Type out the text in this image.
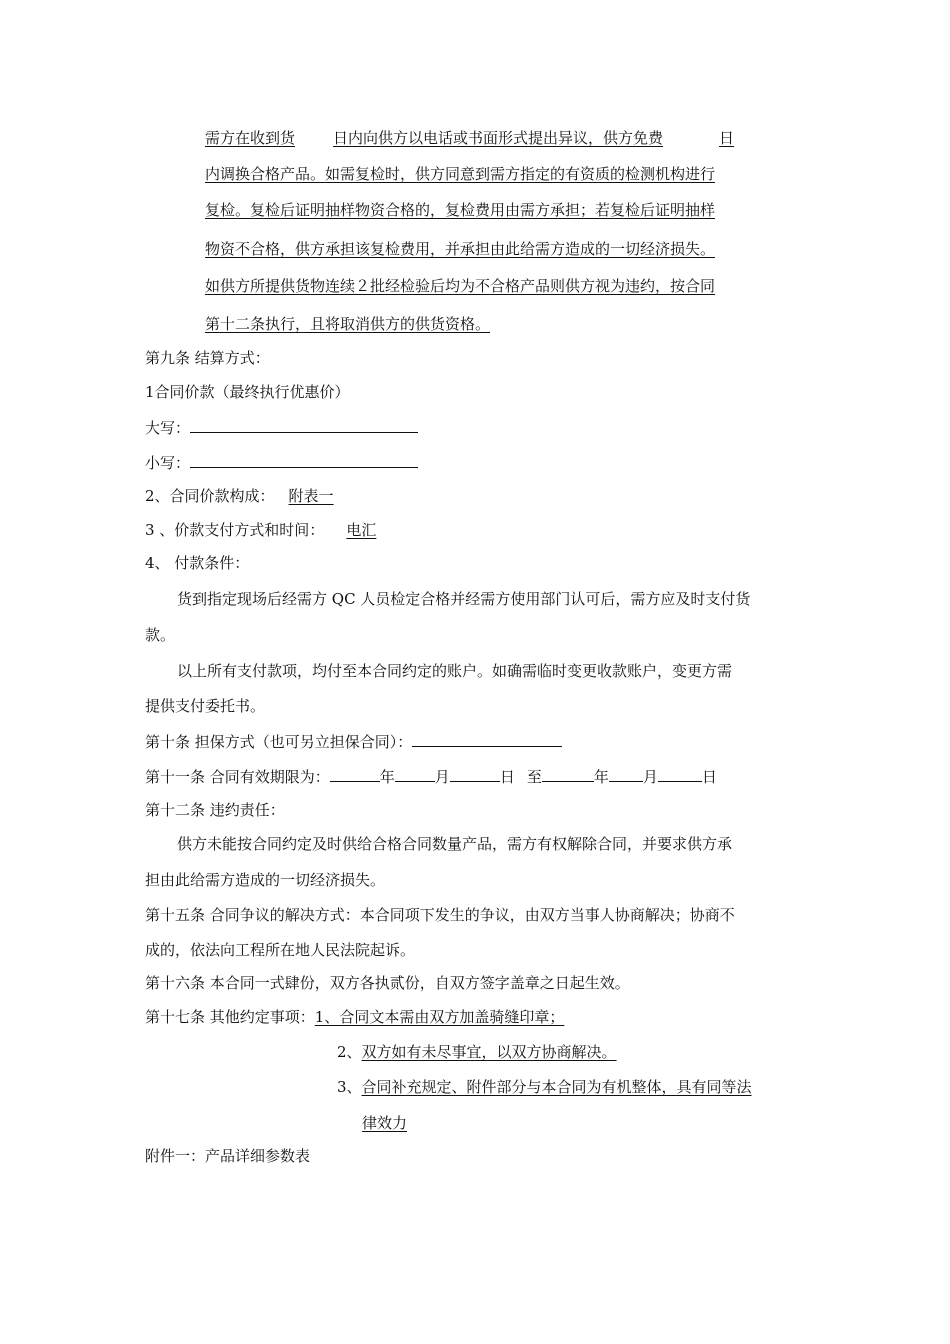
需方在收到货	日内向供方以电话或书面形式提出异议，供方免费	日
内调换合格产品。如需复检时，供方同意到需方指定的有资质的检测机构进行
复检。复检后证明抽样物资合格的，复检费用由需方承担；若复检后证明抽样
物资不合格，供方承担该复检费用，并承担由此给需方造成的一切经济损失。
如供方所提供货物连续２批经检验后均为不合格产品则供方视为违约，按合同
第十二条执行，且将取消供方的供货资格。
第九条 结算方式：
1合同价款（最终执行优惠价）
大写：
小写：
2、合同价款构成： 附表一
3 、价款支付方式和时间： 电汇
4、 付款条件：
货到指定现场后经需方 QC 人员检定合格并经需方使用部门认可后，需方应及时支付货
款。
以上所有支付款项，均付至本合同约定的账户。如确需临时变更收款账户，变更方需
提供支付委托书。
第十条 担保方式（也可另立担保合同）：
第十一条 合同有效期限为：	年	月	日 至	年 月	日
第十二条 违约责任：
供方未能按合同约定及时供给合格合同数量产品，需方有权解除合同，并要求供方承
担由此给需方造成的一切经济损失。
第十五条 合同争议的解决方式：本合同项下发生的争议，由双方当事人协商解决；协商不
成的，依法向工程所在地人民法院起诉。
第十六条 本合同一式肆份，双方各执贰份，自双方签字盖章之日起生效。
第十七条 其他约定事项：1、合同文本需由双方加盖骑缝印章；
2、双方如有未尽事宜，以双方协商解决。
3、合同补充规定、附件部分与本合同为有机整体，具有同等法
律效力
附件一：产品详细参数表
